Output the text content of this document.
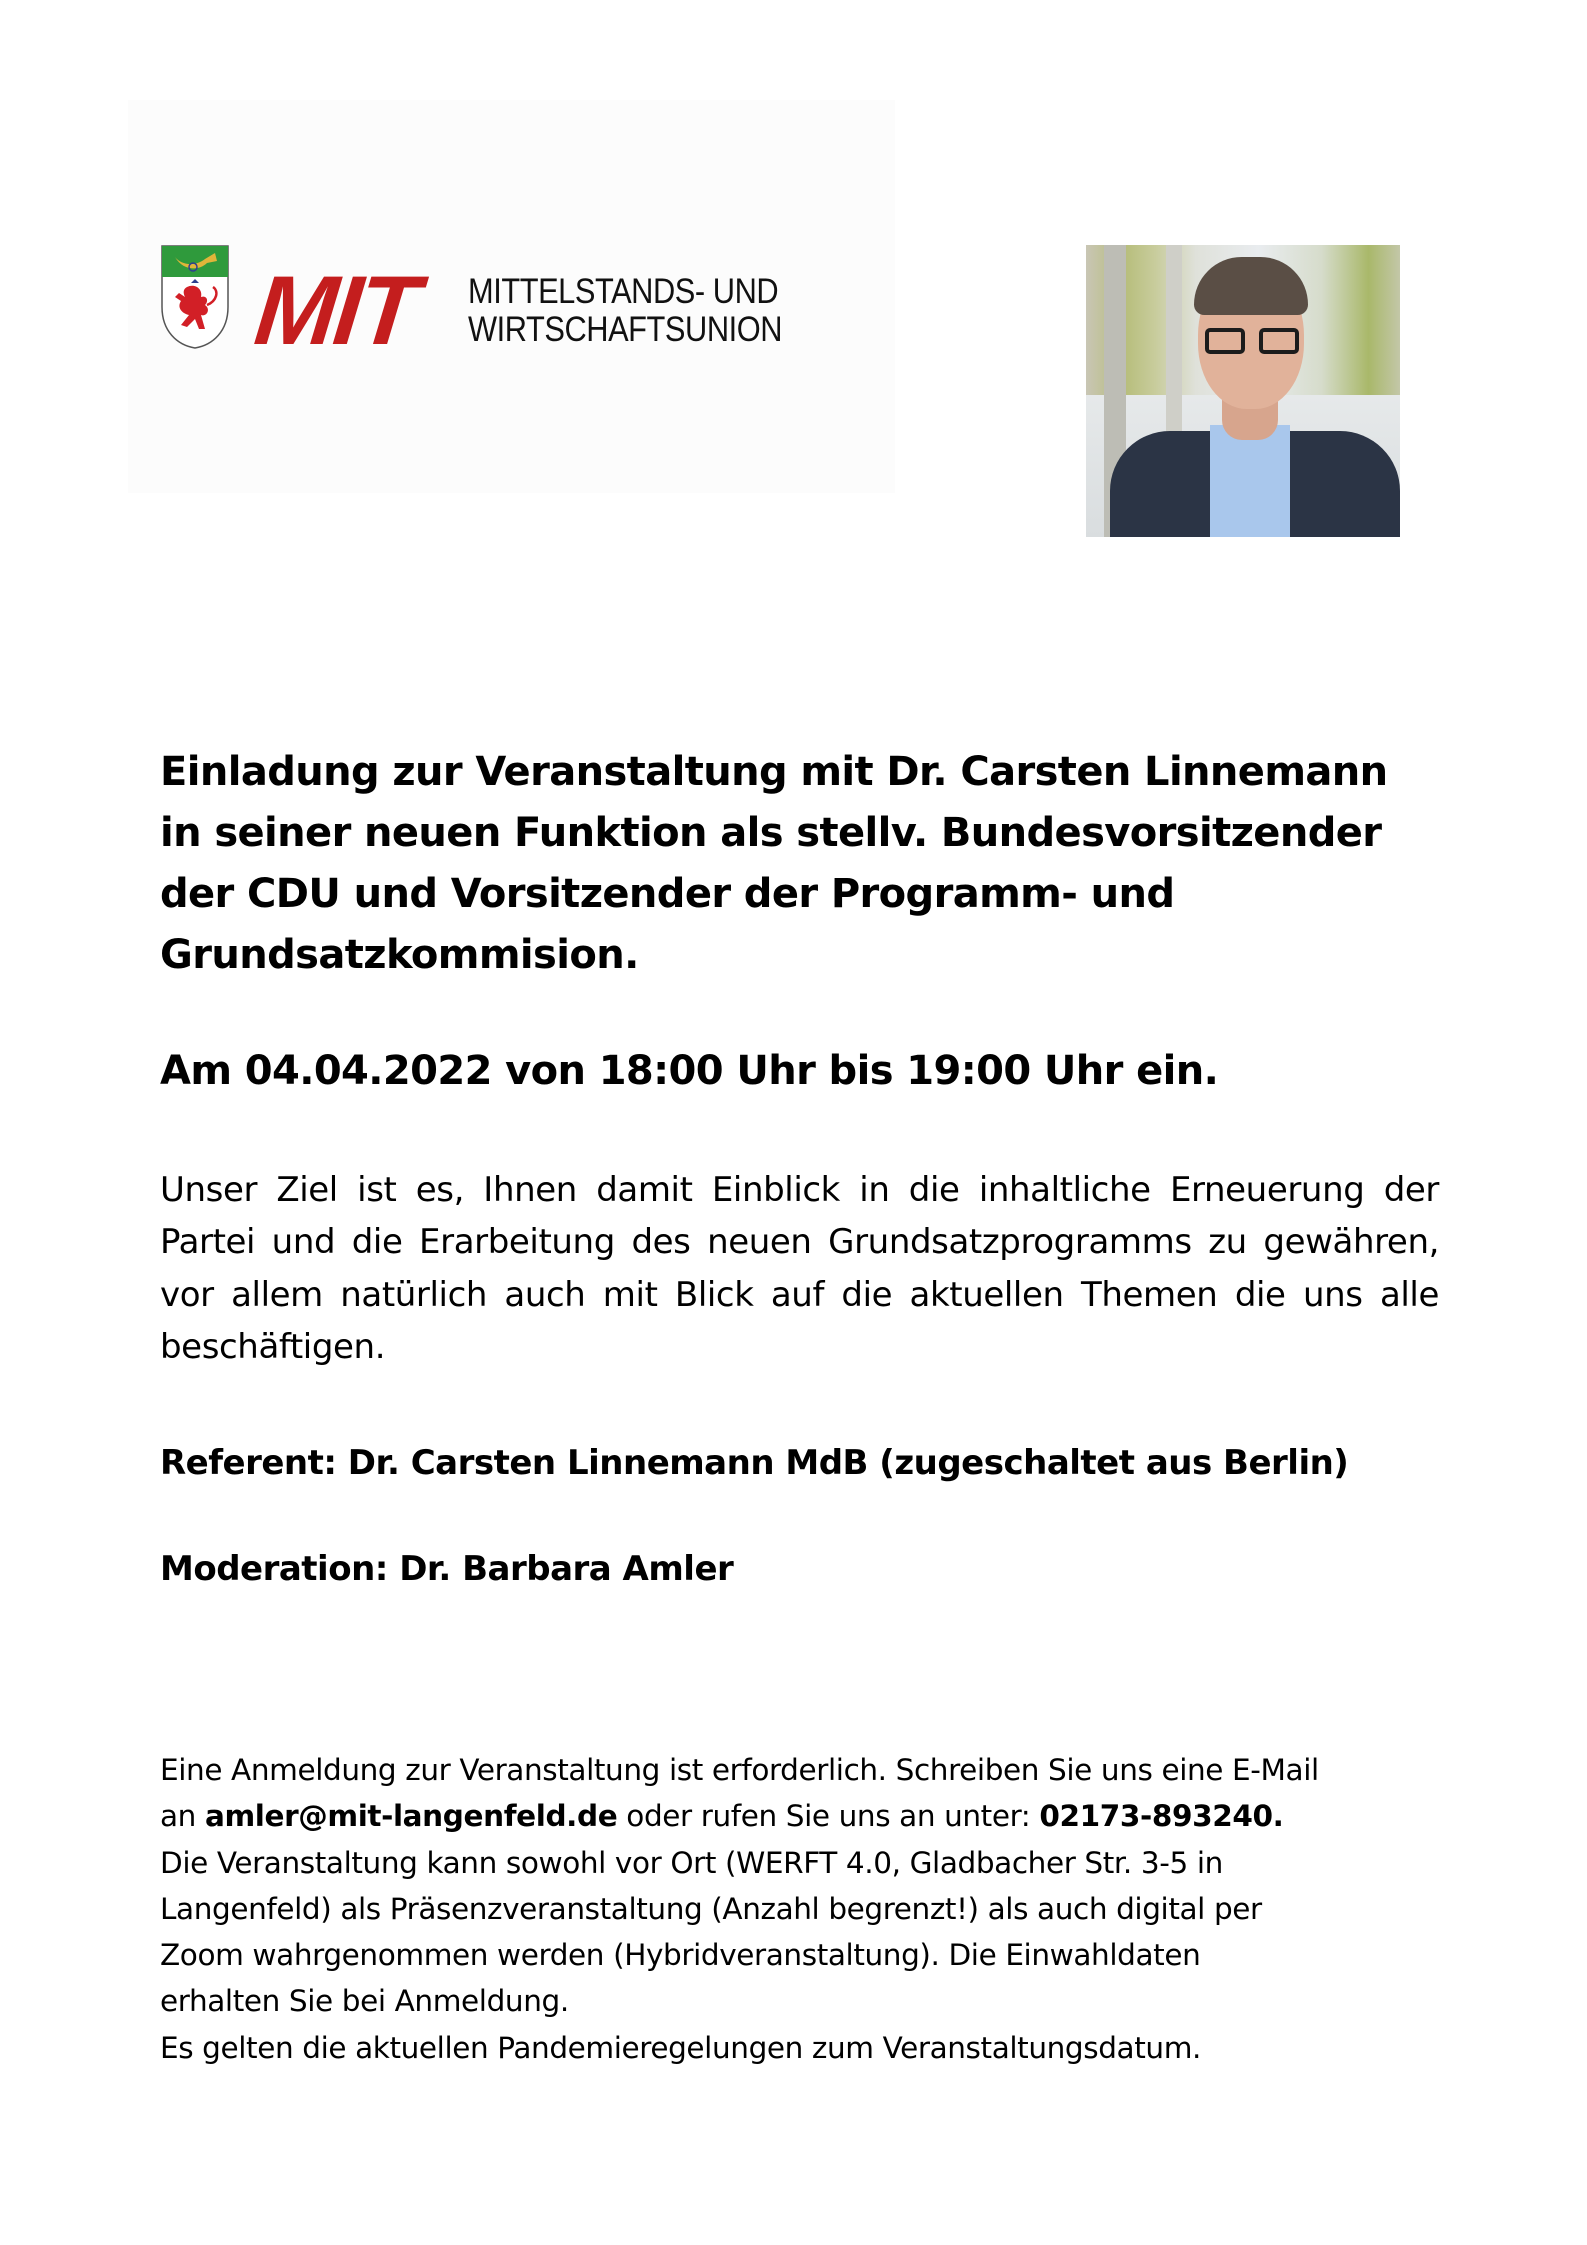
MIT MITTELSTANDS- UND
WIRTSCHAFTSUNION
Einladung zur Veranstaltung mit Dr. Carsten Linnemann
in seiner neuen Funktion als stellv. Bundesvorsitzender
der CDU und Vorsitzender der Programm- und
Grundsatzkommision.
Am 04.04.2022 von 18:00 Uhr bis 19:00 Uhr ein.

Unser Ziel ist es, Ihnen damit Einblick in die inhaltliche Erneuerung der Partei und die Erarbeitung des neuen Grundsatzprogramms zu gewähren, vor allem natürlich auch mit Blick auf die aktuellen Themen die uns alle beschäftigen.

Referent: Dr. Carsten Linnemann MdB (zugeschaltet aus Berlin)
Moderation: Dr. Barbara Amler
Eine Anmeldung zur Veranstaltung ist erforderlich. Schreiben Sie uns eine E-Mail
an amler@mit-langenfeld.de oder rufen Sie uns an unter: 02173-893240.
Die Veranstaltung kann sowohl vor Ort (WERFT 4.0, Gladbacher Str. 3-5 in
Langenfeld) als Präsenzveranstaltung (Anzahl begrenzt!) als auch digital per
Zoom wahrgenommen werden (Hybridveranstaltung). Die Einwahldaten
erhalten Sie bei Anmeldung.
Es gelten die aktuellen Pandemieregelungen zum Veranstaltungsdatum.
